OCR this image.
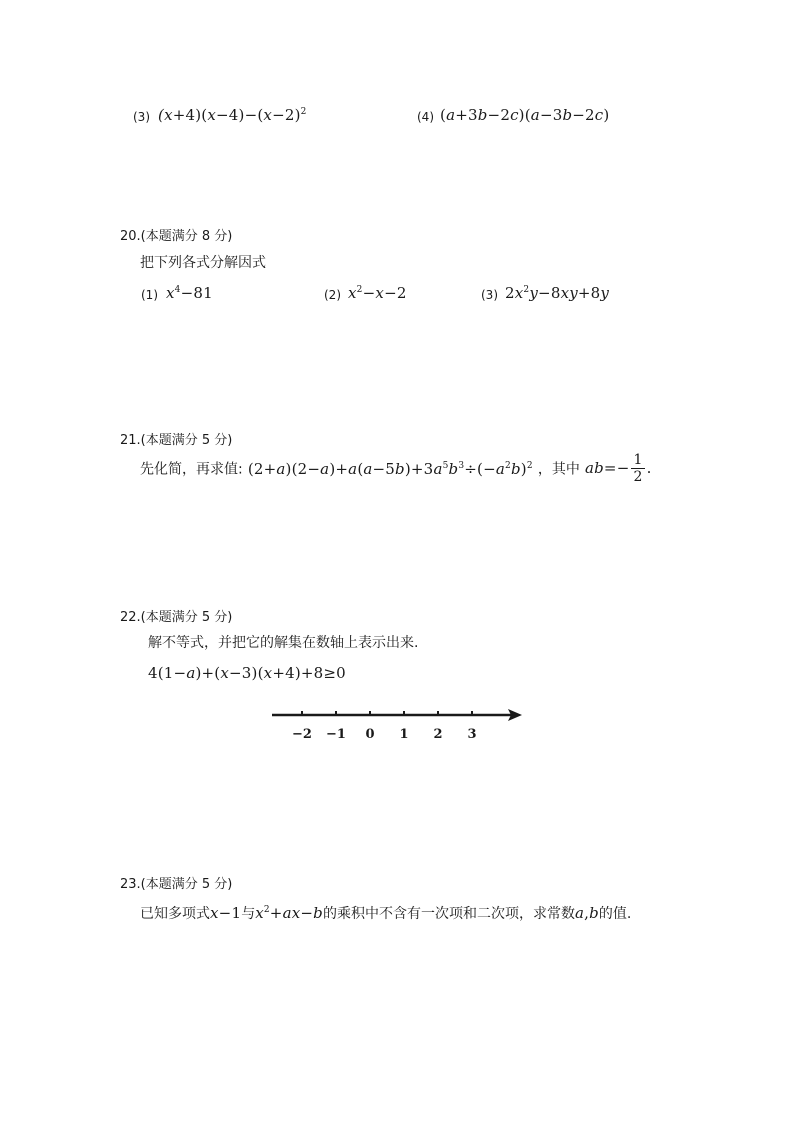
(3) $(x+4)(x-4)-(x-2)^2$	(4) (a+3b−2c)(a−3b−2c)
20.(本题满分 8 分)
把下列各式分解因式
(1) $x^4-81$	(2) $x^2-x-2$	(3) $2x^2y-8xy+8y$
21.(本题满分 5 分)
先化简，再求值: $(2+a)(2-a)+a(a-5b)+3a^5b^3\div(-a^2b)^2$ ，其中 $ab=- \frac{1}{2}$ .
22.(本题满分 5 分)
解不等式，并把它的解集在数轴上表示出来.
4(1−a)+(x−3)(x+4)+8≥0
−2 −1 0 1 2 3
23.(本题满分 5 分)
已知多项式x−1与$x^2+ax-b$的乘积中不含有一次项和二次项，求常数a,b的值.
